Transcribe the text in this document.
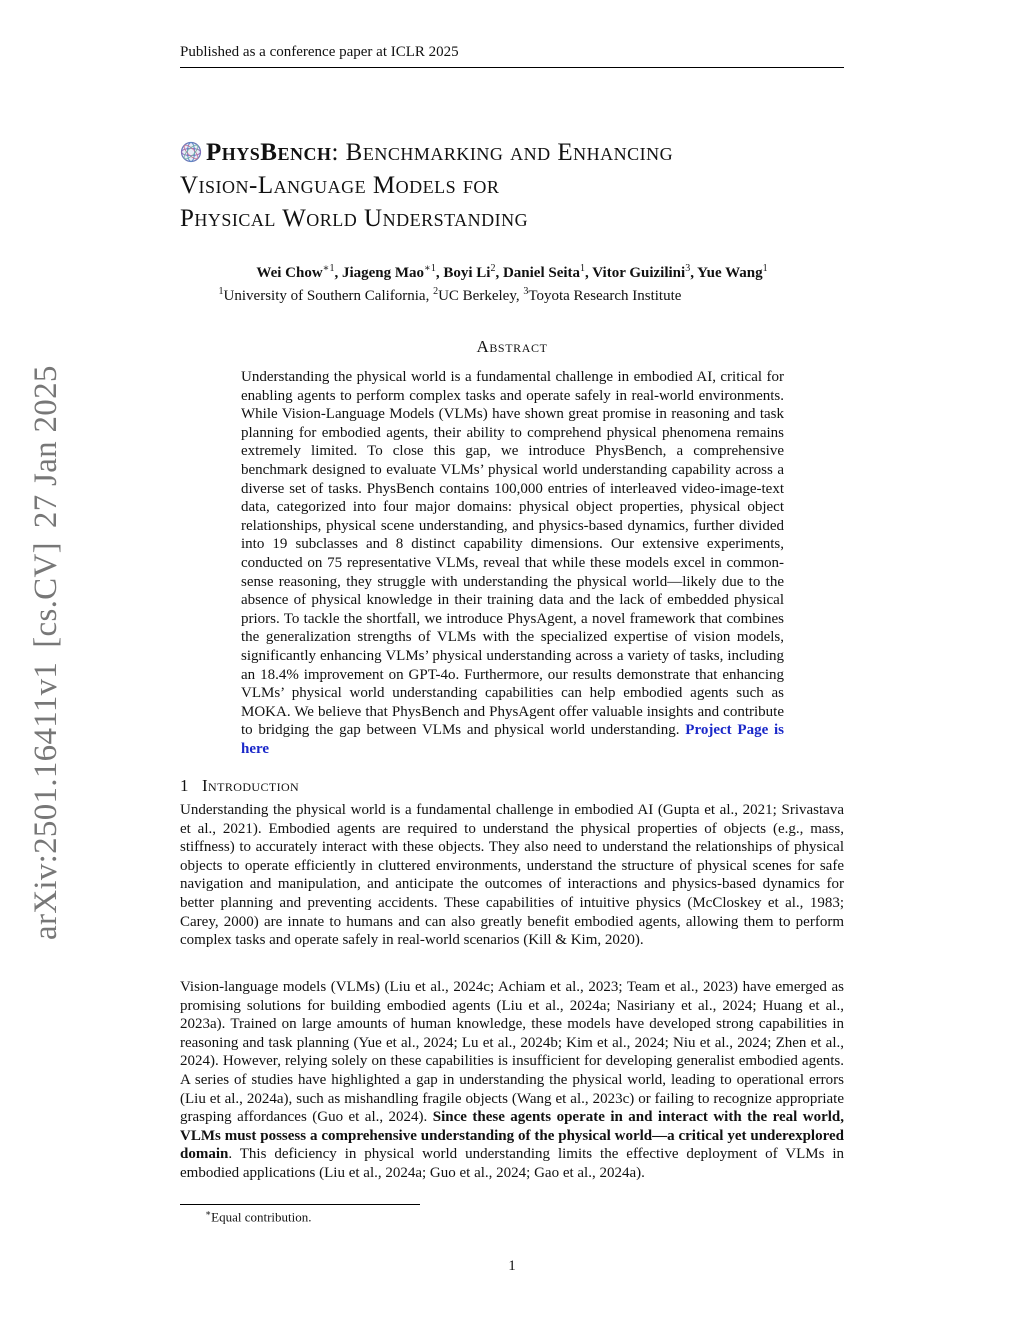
Published as a conference paper at ICLR 2025
PhysBench: Benchmarking and Enhancing
Vision-Language Models for
Physical World Understanding
Wei Chow$^{∗1}$, Jiageng Mao$^{∗1}$, Boyi Li$^2$, Daniel Seita$^1$, Vitor Guizilini$^3$, Yue Wang$^1$
$^1$University of Southern California, $^2$UC Berkeley, $^3$Toyota Research Institute
Abstract
Understanding the physical world is a fundamental challenge in embodied AI, critical for enabling agents to perform complex tasks and operate safely in real-world environments. While Vision-Language Models (VLMs) have shown great promise in reasoning and task planning for embodied agents, their ability to comprehend physical phenomena remains extremely limited. To close this gap, we introduce PhysBench, a comprehensive benchmark designed to evaluate VLMs’ physical world understanding capability across a diverse set of tasks. PhysBench contains 100,000 entries of interleaved video-image-text data, categorized into four major domains: physical object properties, physical object relationships, physical scene understanding, and physics-based dynamics, further divided into 19 subclasses and 8 distinct capability dimensions. Our extensive experiments, conducted on 75 representative VLMs, reveal that while these models excel in common-sense reasoning, they struggle with understanding the physical world—likely due to the absence of physical knowledge in their training data and the lack of embedded physical priors. To tackle the shortfall, we introduce PhysAgent, a novel framework that combines the generalization strengths of VLMs with the specialized expertise of vision models, significantly enhancing VLMs’ physical understanding across a variety of tasks, including an 18.4% improvement on GPT-4o. Furthermore, our results demonstrate that enhancing VLMs’ physical world understanding capabilities can help embodied agents such as MOKA. We believe that PhysBench and PhysAgent offer valuable insights and contribute to bridging the gap between VLMs and physical world understanding. Project Page is here
1 Introduction
Understanding the physical world is a fundamental challenge in embodied AI (Gupta et al., 2021; Srivastava et al., 2021). Embodied agents are required to understand the physical properties of objects (e.g., mass, stiffness) to accurately interact with these objects. They also need to understand the relationships of physical objects to operate efficiently in cluttered environments, understand the structure of physical scenes for safe navigation and manipulation, and anticipate the outcomes of interactions and physics-based dynamics for better planning and preventing accidents. These capabilities of intuitive physics (McCloskey et al., 1983; Carey, 2000) are innate to humans and can also greatly benefit embodied agents, allowing them to perform complex tasks and operate safely in real-world scenarios (Kill & Kim, 2020).
Vision-language models (VLMs) (Liu et al., 2024c; Achiam et al., 2023; Team et al., 2023) have emerged as promising solutions for building embodied agents (Liu et al., 2024a; Nasiriany et al., 2024; Huang et al., 2023a). Trained on large amounts of human knowledge, these models have developed strong capabilities in reasoning and task planning (Yue et al., 2024; Lu et al., 2024b; Kim et al., 2024; Niu et al., 2024; Zhen et al., 2024). However, relying solely on these capabilities is insufficient for developing generalist embodied agents. A series of studies have highlighted a gap in understanding the physical world, leading to operational errors (Liu et al., 2024a), such as mishandling fragile objects (Wang et al., 2023c) or failing to recognize appropriate grasping affordances (Guo et al., 2024). Since these agents operate in and interact with the real world, VLMs must possess a comprehensive understanding of the physical world—a critical yet underexplored domain. This deficiency in physical world understanding limits the effective deployment of VLMs in embodied applications (Liu et al., 2024a; Guo et al., 2024; Gao et al., 2024a).
∗Equal contribution.
1
arXiv:2501.16411v1[cs.CV]27 Jan 2025
